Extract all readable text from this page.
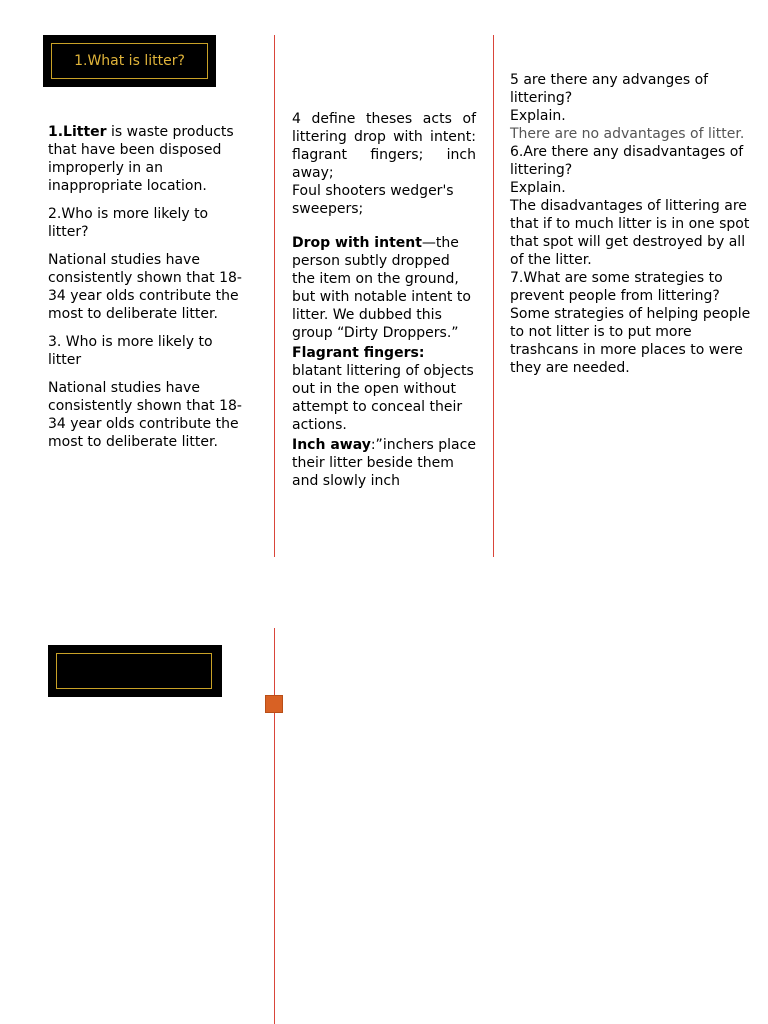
1.What is litter?

1.Litter is waste products that have been disposed improperly in an inappropriate location.

2.Who is more likely to litter?

National studies have consistently shown that 18-34 year olds contribute the most to deliberate litter.

3. Who is more likely to litter

National studies have consistently shown that 18-34 year olds contribute the most to deliberate litter.

4 define theses acts of littering drop with intent: flagrant fingers; inch away;

Foul shooters wedger's sweepers;

Drop with intent—the person subtly dropped the item on the ground, but with notable intent to litter. We dubbed this group “Dirty Droppers.”

Flagrant fingers: blatant littering of objects out in the open without attempt to conceal their actions.

Inch away:”inchers place their litter beside them and slowly inch

5 are there any advanges of littering?

Explain.

There are no advantages of litter.

6.Are there any disadvantages of littering?

Explain.

The disadvantages of littering are that if to much litter is in one spot that spot will get destroyed by all of the litter.

7.What are some strategies to prevent people from littering?

Some strategies of helping people to not litter is to put more trashcans in more places to were they are needed.
